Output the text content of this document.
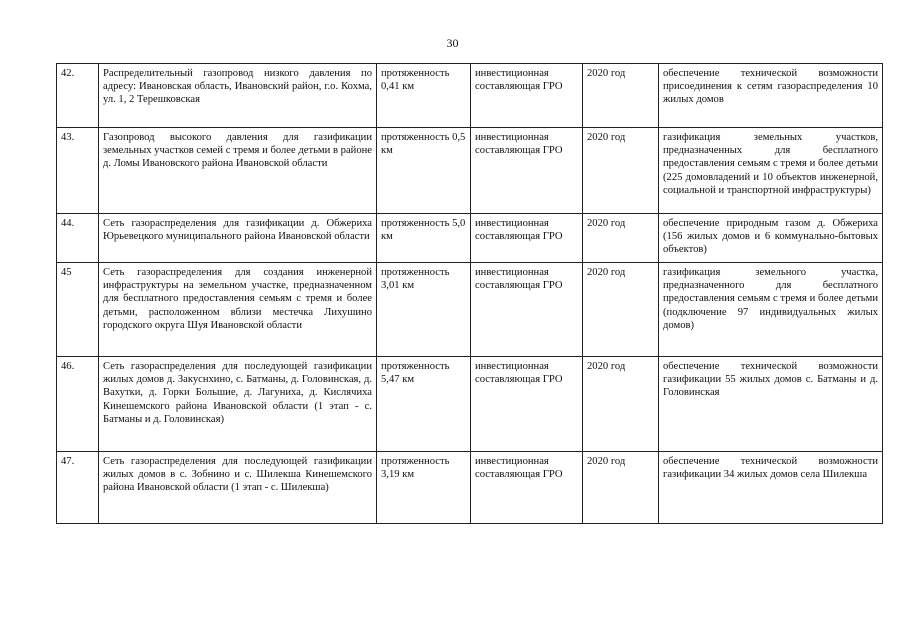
30
42.	Распределительный газопровод низкого давления по адресу: Ивановская область, Ивановский район, г.о. Кохма, ул. 1, 2 Терешковская	протяженность 0,41 км	инвестиционная составляющая ГРО	2020 год	обеспечение технической возможности присоединения к сетям газораспределения 10 жилых домов
43.	Газопровод высокого давления для газификации земельных участков семей с тремя и более детьми в районе д. Ломы Ивановского района Ивановской области	протяженность 0,5 км	инвестиционная составляющая ГРО	2020 год	газификация земельных участков, предназначенных для бесплатного предоставления семьям с тремя и более детьми (225 домовладений и 10 объектов инженерной, социальной и транспортной инфраструктуры)
44.	Сеть газораспределения для газификации д. Обжериха Юрьевецкого муниципального района Ивановской области	протяженность 5,0 км	инвестиционная составляющая ГРО	2020 год	обеспечение природным газом д. Обжериха (156 жилых домов и 6 коммунально-бытовых объектов)
45	Сеть газораспределения для создания инженерной инфраструктуры на земельном участке, предназначенном для бесплатного предоставления семьям с тремя и более детьми, расположенном вблизи местечка Лихушино городского округа Шуя Ивановской области	протяженность 3,01 км	инвестиционная составляющая ГРО	2020 год	газификация земельного участка, предназначенного для бесплатного предоставления семьям с тремя и более детьми (подключение 97 индивидуальных жилых домов)
46.	Сеть газораспределения для последующей газификации жилых домов д. Закуснхино, с. Батманы, д. Головинская, д. Вахутки, д. Горки Большие, д. Лагуниха, д. Кислячиха Кинешемского района Ивановской области (1 этап - с. Батманы и д. Головинская)	протяженность 5,47 км	инвестиционная составляющая ГРО	2020 год	обеспечение технической возможности газификации 55 жилых домов с. Батманы и д. Головинская
47.	Сеть газораспределения для последующей газификации жилых домов в с. Зобнино и с. Шилекша Кинешемского района Ивановской области (1 этап - с. Шилекша)	протяженность 3,19 км	инвестиционная составляющая ГРО	2020 год	обеспечение технической возможности газификации 34 жилых домов села Шилекша
